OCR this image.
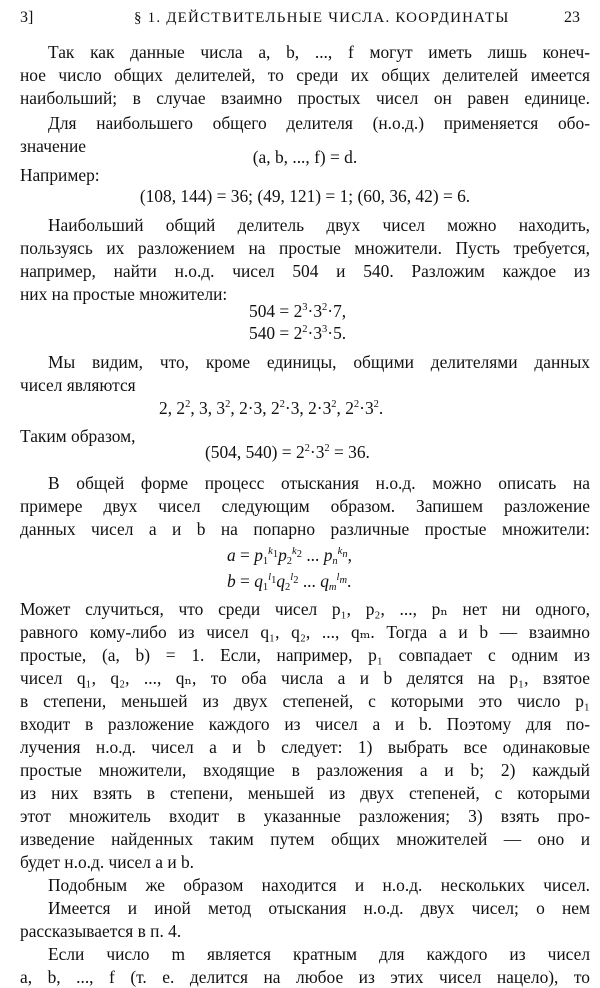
3]	§ 1. ДЕЙСТВИТЕЛЬНЫЕ ЧИСЛА. КООРДИНАТЫ	23
Так как данные числа a, b, ..., f могут иметь лишь конеч-
ное число общих делителей, то среди их общих делителей имеется
наибольший; в случае взаимно простых чисел он равен единице.
Для наибольшего общего делителя (н.о.д.) применяется обо-
значение
(a, b, ..., f) = d.
Например:
(108, 144) = 36; (49, 121) = 1; (60, 36, 42) = 6.
Наибольший общий делитель двух чисел можно находить,
пользуясь их разложением на простые множители. Пусть требуется,
например, найти н.о.д. чисел 504 и 540. Разложим каждое из
них на простые множители:
$504 = 2^3\cdot 3^2\cdot 7$,
$540 = 2^2\cdot 3^3\cdot 5$.
Мы видим, что, кроме единицы, общими делителями данных
чисел являются
2, $2^2$, 3, $3^2$, 2·3, $2^2\cdot 3$, $2\cdot 3^2$, $2^2\cdot 3^2$.
Таким образом,
(504, $540) = 2^2\cdot 3^2 = 36$.
В общей форме процесс отыскания н.о.д. можно описать на
примере двух чисел следующим образом. Запишем разложение
данных чисел a и b на попарно различные простые множители:
$a = p_1^{k_1}p_2^{k_2}$ ... $p_n^{k_n}$,
$b = q_1^{l_1}q_2^{l_2}$ ... $q_m^{l_m}$.
Может случиться, что среди чисел p₁, p₂, ..., pₙ нет ни одного,
равного кому-либо из чисел q₁, q₂, ..., qₘ. Тогда a и b — взаимно
простые, (a, b) = 1. Если, например, p₁ совпадает с одним из
чисел q₁, q₂, ..., qₙ, то оба числа a и b делятся на p₁, взятое
в степени, меньшей из двух степеней, с которыми это число p₁
входит в разложение каждого из чисел a и b. Поэтому для по-
лучения н.о.д. чисел a и b следует: 1) выбрать все одинаковые
простые множители, входящие в разложения a и b; 2) каждый
из них взять в степени, меньшей из двух степеней, с которыми
этот множитель входит в указанные разложения; 3) взять про-
изведение найденных таким путем общих множителей — оно и
будет н.о.д. чисел a и b.
Подобным же образом находится и н.о.д. нескольких чисел.
Имеется и иной метод отыскания н.о.д. двух чисел; о нем
рассказывается в п. 4.
Если число m является кратным для каждого из чисел
a, b, ..., f (т. е. делится на любое из этих чисел нацело), то
